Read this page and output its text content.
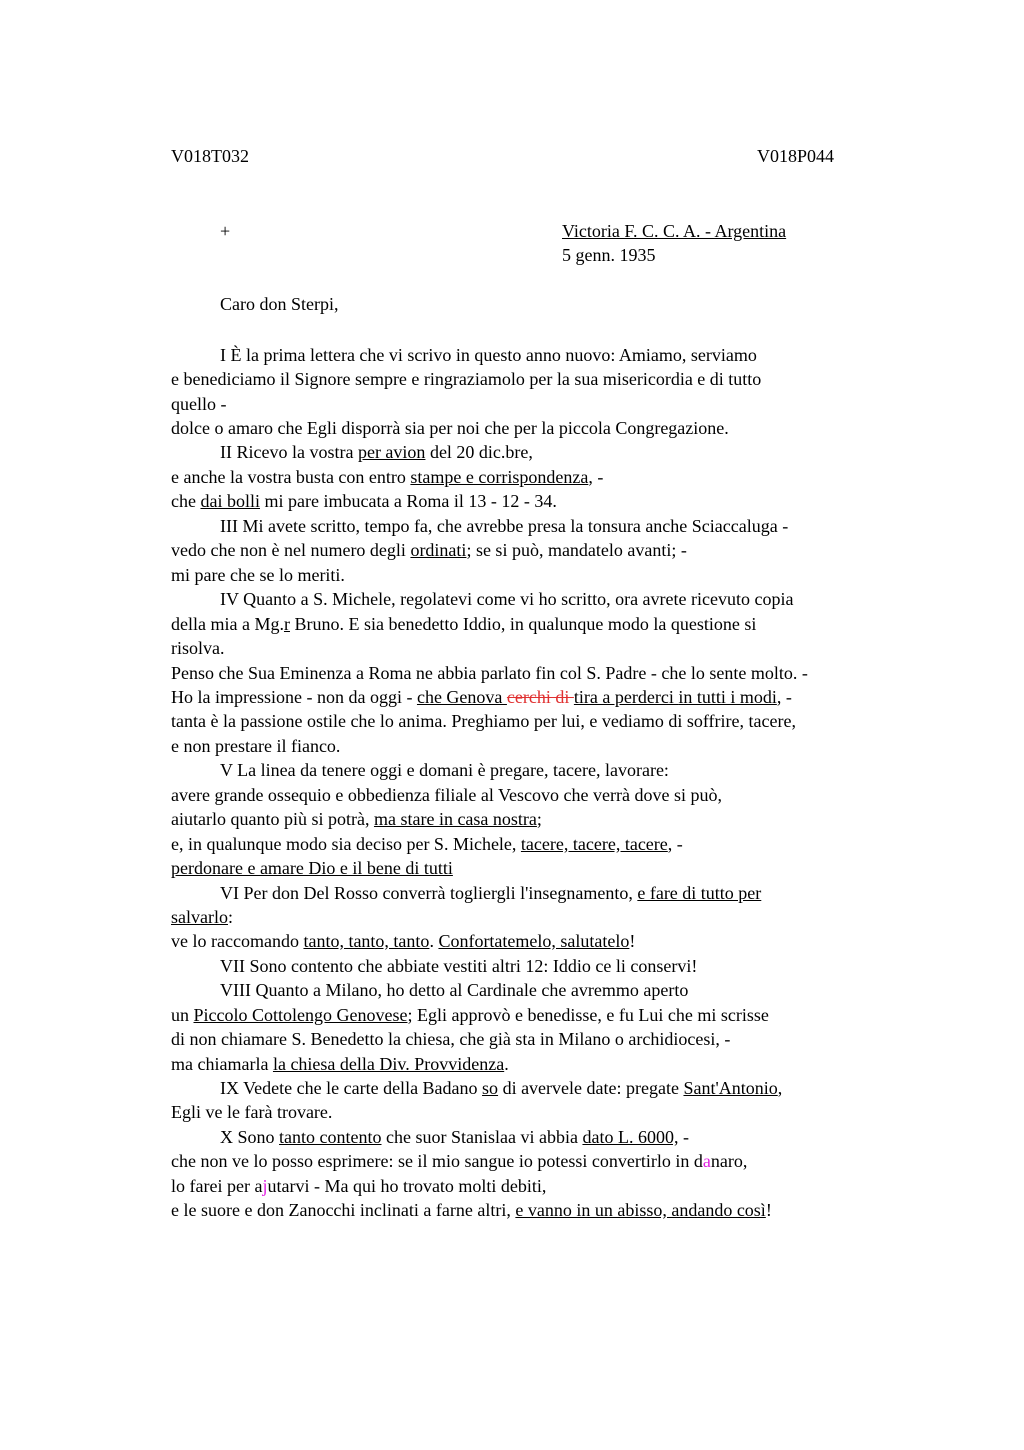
V018T032	V018P044
+	Victoria F. C. C. A. - Argentina
5 genn. 1935
Caro don Sterpi,
I È la prima lettera che vi scrivo in questo anno nuovo: Amiamo, serviamo
e benediciamo il Signore sempre e ringraziamolo per la sua misericordia e di tutto
quello -
dolce o amaro che Egli disporrà sia per noi che per la piccola Congregazione.
II Ricevo la vostra per avion del 20 dic.bre,
e anche la vostra busta con entro stampe e corrispondenza, -
che dai bolli mi pare imbucata a Roma il 13 - 12 - 34.
III Mi avete scritto, tempo fa, che avrebbe presa la tonsura anche Sciaccaluga -
vedo che non è nel numero degli ordinati; se si può, mandatelo avanti; -
mi pare che se lo meriti.
IV Quanto a S. Michele, regolatevi come vi ho scritto, ora avrete ricevuto copia
della mia a Mg.r Bruno. E sia benedetto Iddio, in qualunque modo la questione si
risolva.
Penso che Sua Eminenza a Roma ne abbia parlato fin col S. Padre - che lo sente molto. -
Ho la impressione - non da oggi - che Genova cerchi di tira a perderci in tutti i modi, -
tanta è la passione ostile che lo anima. Preghiamo per lui, e vediamo di soffrire, tacere,
e non prestare il fianco.
V La linea da tenere oggi e domani è pregare, tacere, lavorare:
avere grande ossequio e obbedienza filiale al Vescovo che verrà dove si può,
aiutarlo quanto più si potrà, ma stare in casa nostra;
e, in qualunque modo sia deciso per S. Michele, tacere, tacere, tacere, -
perdonare e amare Dio e il bene di tutti
VI Per don Del Rosso converrà togliergli l'insegnamento, e fare di tutto per
salvarlo:
ve lo raccomando tanto, tanto, tanto. Confortatemelo, salutatelo!
VII Sono contento che abbiate vestiti altri 12: Iddio ce li conservi!
VIII Quanto a Milano, ho detto al Cardinale che avremmo aperto
un Piccolo Cottolengo Genovese; Egli approvò e benedisse, e fu Lui che mi scrisse
di non chiamare S. Benedetto la chiesa, che già sta in Milano o archidiocesi, -
ma chiamarla la chiesa della Div. Provvidenza.
IX Vedete che le carte della Badano so di avervele date: pregate Sant'Antonio,
Egli ve le farà trovare.
X Sono tanto contento che suor Stanislaa vi abbia dato L. 6000, -
che non ve lo posso esprimere: se il mio sangue io potessi convertirlo in danaro,
lo farei per ajutarvi - Ma qui ho trovato molti debiti,
e le suore e don Zanocchi inclinati a farne altri, e vanno in un abisso, andando così!
